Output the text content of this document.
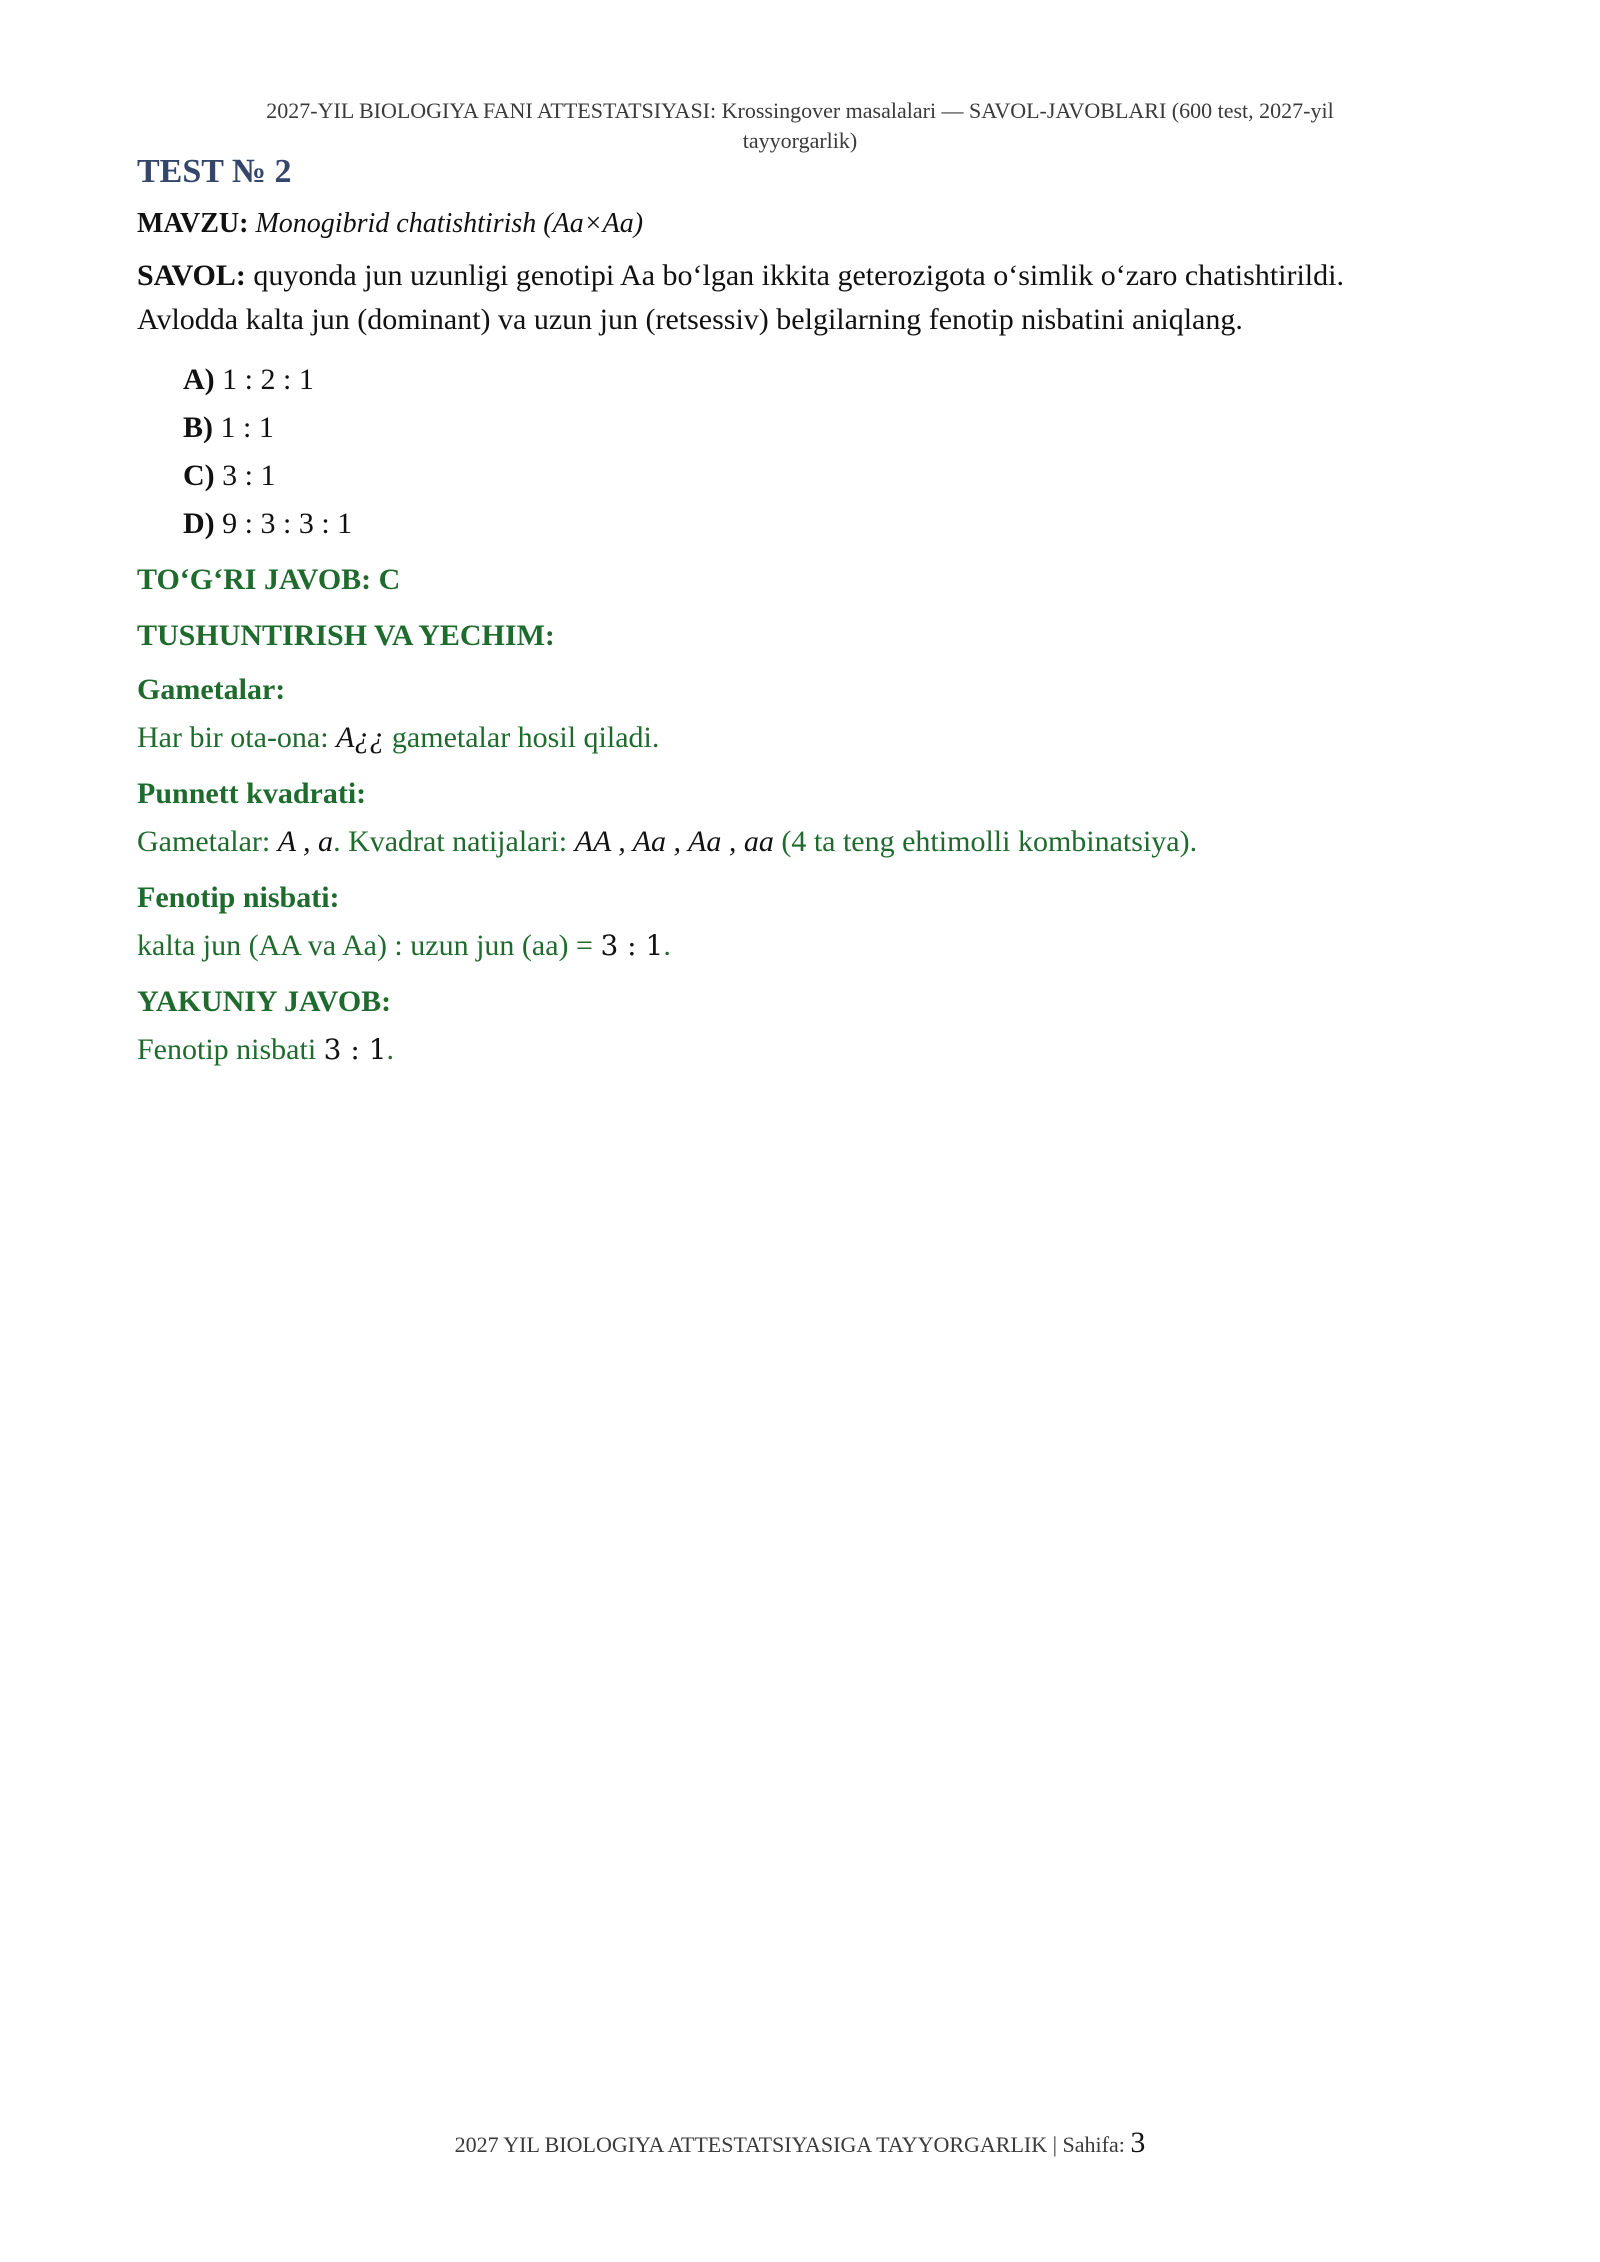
2027-YIL BIOLOGIYA FANI ATTESTATSIYASI: Krossingover masalalari — SAVOL-JAVOBLARI (600 test, 2027-yil
tayyorgarlik)
TEST № 2
MAVZU: Monogibrid chatishtirish (Aa×Aa)
SAVOL: quyonda jun uzunligi genotipi Aa bo‘lgan ikkita geterozigota o‘simlik o‘zaro chatishtirildi.
Avlodda kalta jun (dominant) va uzun jun (retsessiv) belgilarning fenotip nisbatini aniqlang.
A) 1 : 2 : 1
B) 1 : 1
C) 3 : 1
D) 9 : 3 : 3 : 1
TO‘G‘RI JAVOB: C
TUSHUNTIRISH VA YECHIM:
Gametalar:
Har bir ota-ona: A¿¿ gametalar hosil qiladi.
Punnett kvadrati:
Gametalar: A , a. Kvadrat natijalari: AA , Aa , Aa , aa (4 ta teng ehtimolli kombinatsiya).
Fenotip nisbati:
kalta jun (AA va Aa) : uzun jun (aa) = 3 : 1.
YAKUNIY JAVOB:
Fenotip nisbati 3 : 1.
2027 YIL BIOLOGIYA ATTESTATSIYASIGA TAYYORGARLIK | Sahifa: 3
